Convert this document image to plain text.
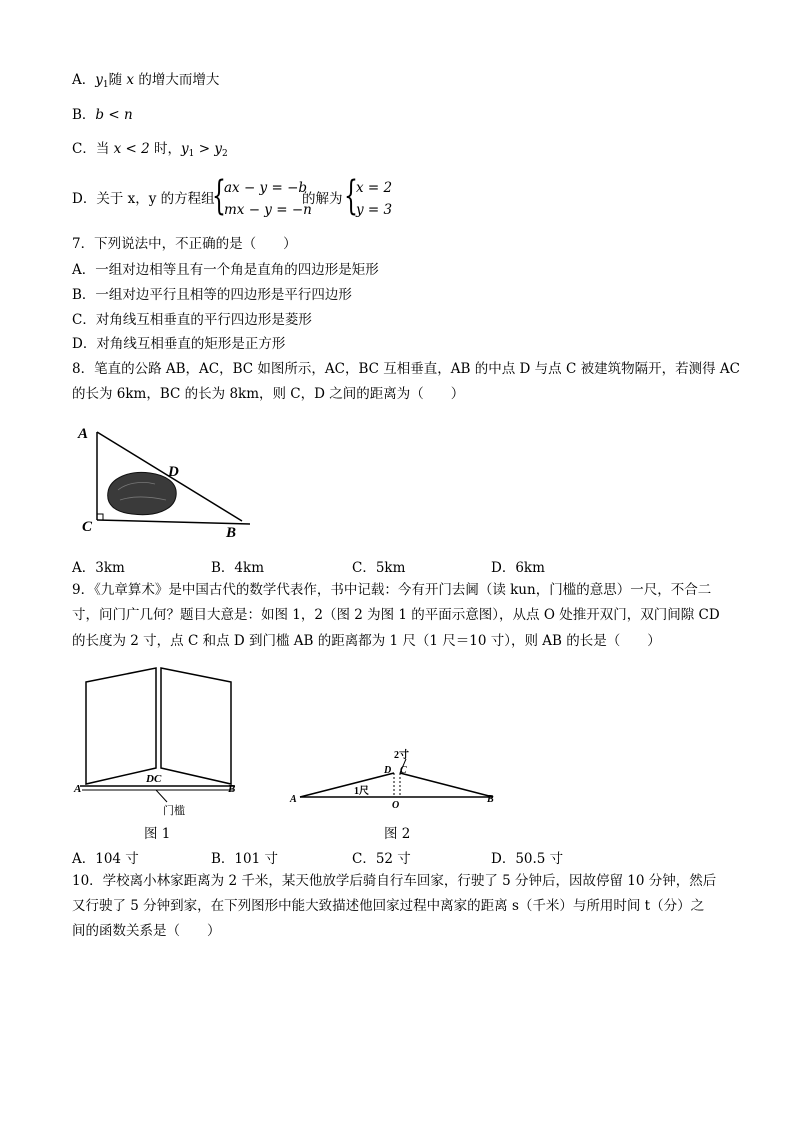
A．$y_1$随 x 的增大而增大
B．b < n
C．当 x < 2 时，$y_1 > y_2$
D．关于 x，y 的方程组
{
ax − y = −b
mx − y = −n
的解为 {
x = 2
y = 3
7．下列说法中，不正确的是（　　）
A．一组对边相等且有一个角是直角的四边形是矩形
B．一组对边平行且相等的四边形是平行四边形
C．对角线互相垂直的平行四边形是菱形
D．对角线互相垂直的矩形是正方形
8．笔直的公路 AB，AC，BC 如图所示，AC，BC 互相垂直，AB 的中点 D 与点 C 被建筑物隔开，若测得 AC
的长为 6km，BC 的长为 8km，则 C，D 之间的距离为（　　）
A
D
C	B
A．3km	B．4km	C．5km	D．6km
9．《九章算术》是中国古代的数学代表作，书中记载：今有开门去阃（读 kun，门槛的意思）一尺，不合二
寸，问门广几何？题目大意是：如图 1，2（图 2 为图 1 的平面示意图），从点 O 处推开双门，双门间隙 CD
的长度为 2 寸，点 C 和点 D 到门槛 AB 的距离都为 1 尺（1 尺＝10 寸），则 AB 的长是（　　）
A	B
DC
门槛
图 1
A	B
O
D C
2寸
1尺
图 2
A．104 寸	B．101 寸	C．52 寸	D．50.5 寸
10．学校离小林家距离为 2 千米，某天他放学后骑自行车回家，行驶了 5 分钟后，因故停留 10 分钟，然后
又行驶了 5 分钟到家，在下列图形中能大致描述他回家过程中离家的距离 s（千米）与所用时间 t（分）之
间的函数关系是（　　）
